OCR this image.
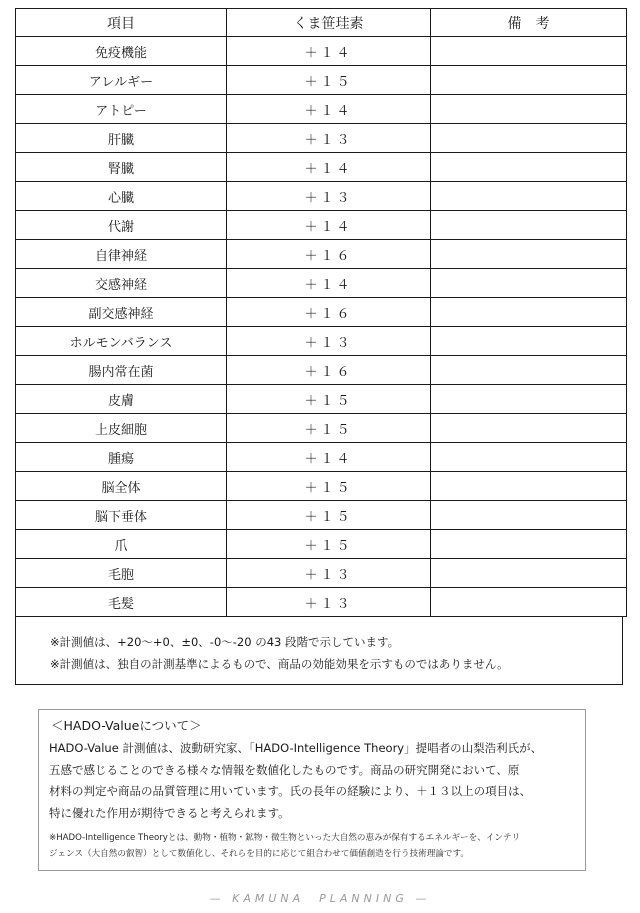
項目	くま笹珪素	備　考
免疫機能	＋１４	
アレルギー	＋１５	
アトピー	＋１４	
肝臓	＋１３	
腎臓	＋１４	
心臓	＋１３	
代謝	＋１４	
自律神経	＋１６	
交感神経	＋１４	
副交感神経	＋１６	
ホルモンバランス	＋１３	
腸内常在菌	＋１６	
皮膚	＋１５	
上皮細胞	＋１５	
腫瘍	＋１４	
脳全体	＋１５	
脳下垂体	＋１５	
爪	＋１５	
毛胞	＋１３	
毛髪	＋１３	
※計測値は、+20〜+0、±0、-0〜-20 の43 段階で示しています。
※計測値は、独自の計測基準によるもので、商品の効能効果を示すものではありません。
＜HADO-Valueについて＞
HADO-Value 計測値は、波動研究家、「HADO-Intelligence Theory」提唱者の山梨浩利氏が、
五感で感じることのできる様々な情報を数値化したものです。商品の研究開発において、原
材料の判定や商品の品質管理に用いています。氏の長年の経験により、＋１３以上の項目は、
特に優れた作用が期待できると考えられます。
※HADO-Intelligence Theoryとは、動物・植物・鉱物・微生物といった大自然の恵みが保有するエネルギーを、インテリ
ジェンス（大自然の叡智）として数値化し、それらを目的に応じて組合わせて価値創造を行う技術理論です。
— KAMUNA　PLANNING —
